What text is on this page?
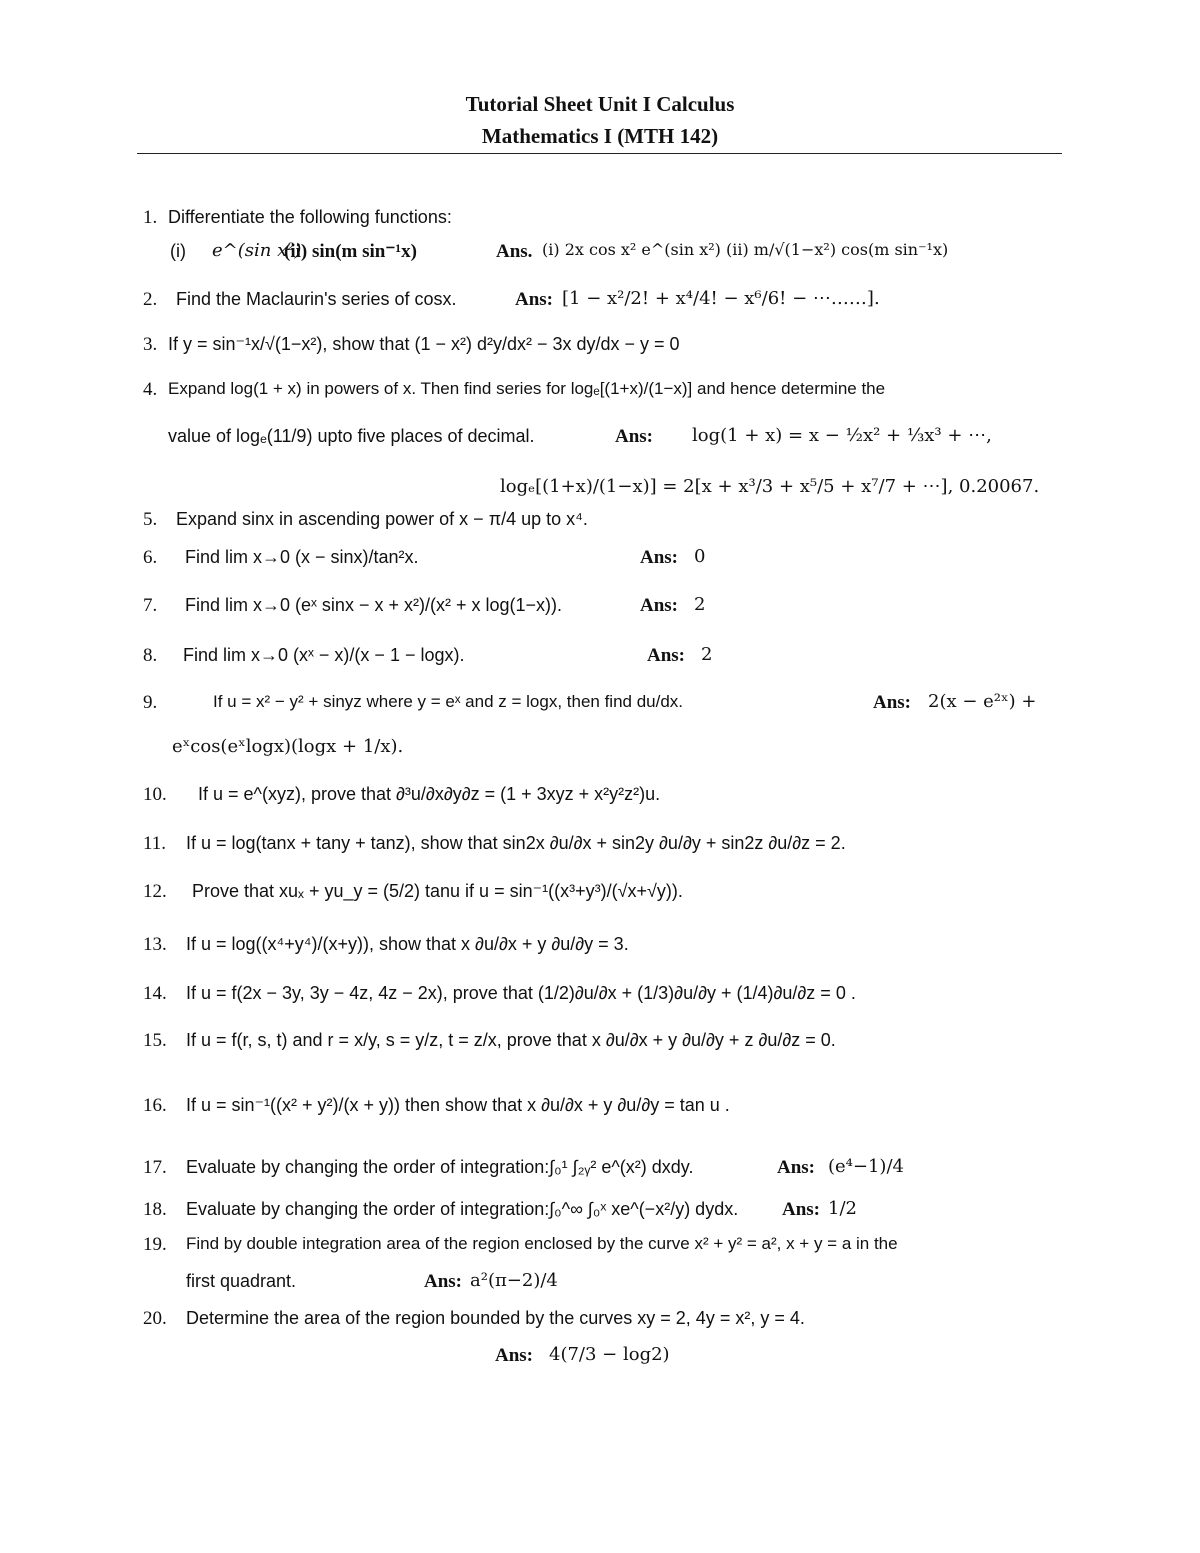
Tutorial Sheet Unit I Calculus
Mathematics I (MTH 142)
1. Differentiate the following functions:
(i) e^(sin x²)
(ii) sin(m sin⁻¹x)	Ans. (i) 2x cos x² e^(sin x²) (ii) m/√(1−x²) cos(m sin⁻¹x)
2. Find the Maclaurin's series of cosx.	Ans: [1 − x²/2! + x⁴/4! − x⁶/6! − ⋯……].
3. If y = sin⁻¹x/√(1−x²), show that (1 − x²) d²y/dx² − 3x dy/dx − y = 0
4. Expand log(1 + x) in powers of x. Then find series for logₑ[(1+x)/(1−x)] and hence determine the
value of logₑ(11/9) upto five places of decimal.	Ans: log(1 + x) = x − ½x² + ⅓x³ + ⋯,
logₑ[(1+x)/(1−x)] = 2[x + x³/3 + x⁵/5 + x⁷/7 + ⋯], 0.20067.
5. Expand sinx in ascending power of x − π/4 up to x⁴.
6. Find lim x→0 (x − sinx)/tan²x.	Ans: 0
7. Find lim x→0 (eˣ sinx − x + x²)/(x² + x log(1−x)).	Ans: 2
8. Find lim x→0 (xˣ − x)/(x − 1 − logx).	Ans: 2
9.	If u = x² − y² + sinyz where y = eˣ and z = logx, then find du/dx.	Ans: 2(x − e²ˣ) +
eˣcos(eˣlogx)(logx + 1/x).
10. If u = e^(xyz), prove that ∂³u/∂x∂y∂z = (1 + 3xyz + x²y²z²)u.
11. If u = log(tanx + tany + tanz), show that sin2x ∂u/∂x + sin2y ∂u/∂y + sin2z ∂u/∂z = 2.
12. Prove that xuₓ + yu_y = (5/2) tanu if u = sin⁻¹((x³+y³)/(√x+√y)).
13. If u = log((x⁴+y⁴)/(x+y)), show that x ∂u/∂x + y ∂u/∂y = 3.
14. If u = f(2x − 3y, 3y − 4z, 4z − 2x), prove that (1/2)∂u/∂x + (1/3)∂u/∂y + (1/4)∂u/∂z = 0 .
15. If u = f(r, s, t) and r = x/y, s = y/z, t = z/x, prove that x ∂u/∂x + y ∂u/∂y + z ∂u/∂z = 0.
16. If u = sin⁻¹((x² + y²)/(x + y)) then show that x ∂u/∂x + y ∂u/∂y = tan u .
17. Evaluate by changing the order of integration:∫₀¹ ∫₂ᵧ² e^(x²) dxdy.	Ans: (e⁴−1)/4
18. Evaluate by changing the order of integration:∫₀^∞ ∫₀ˣ xe^(−x²/y) dydx. Ans: 1/2
19. Find by double integration area of the region enclosed by the curve x² + y² = a², x + y = a in the
first quadrant.	Ans: a²(π−2)/4
20. Determine the area of the region bounded by the curves xy = 2, 4y = x², y = 4.
Ans: 4(7/3 − log2)
